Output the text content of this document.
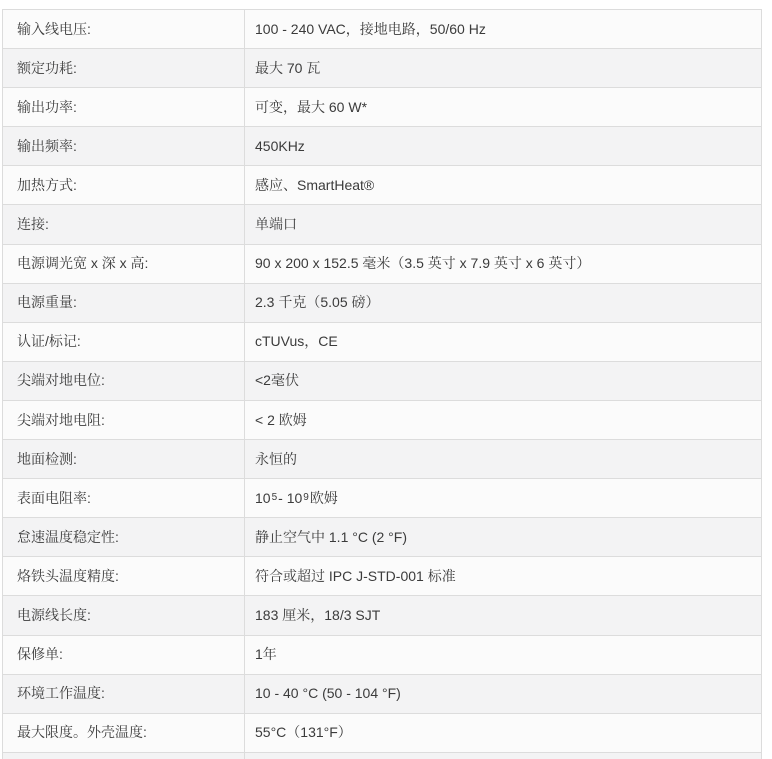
输入线电压:	100 - 240 VAC，接地电路，50/60 Hz
额定功耗:	最大 70 瓦
输出功率:	可变，最大 60 W*
输出频率:	450KHz
加热方式:	感应、SmartHeat®
连接:	单端口
电源调光宽 x 深 x 高:	90 x 200 x 152.5 毫米（3.5 英寸 x 7.9 英寸 x 6 英寸）
电源重量:	2.3 千克（5.05 磅）
认证/标记:	cTUVus，CE
尖端对地电位:	<2毫伏
尖端对地电阻:	< 2 欧姆
地面检测:	永恒的
表面电阻率:	10 5 - 10 9 欧姆
怠速温度稳定性:	静止空气中 1.1 °C (2 °F)
烙铁头温度精度:	符合或超过 IPC J-STD-001 标准
电源线长度:	183 厘米，18/3 SJT
保修单:	1年
环境工作温度:	10 - 40 °C (50 - 104 °F)
最大限度。外壳温度:	55°C（131°F）
